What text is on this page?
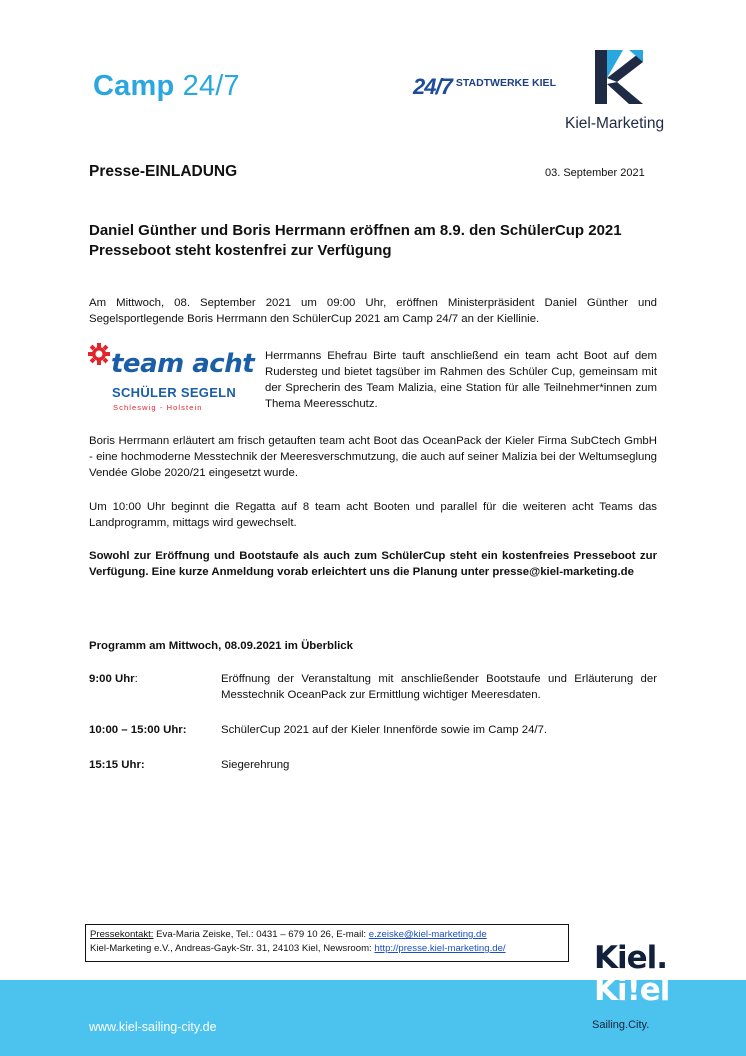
Camp 24/7	24/7 STADTWERKE KIEL
Kiel-Marketing
Presse-EINLADUNG	03. September 2021
Daniel Günther und Boris Herrmann eröffnen am 8.9. den SchülerCup 2021
Presseboot steht kostenfrei zur Verfügung
Am Mittwoch, 08. September 2021 um 09:00 Uhr, eröffnen Ministerpräsident Daniel Günther und Segelsportlegende Boris Herrmann den SchülerCup 2021 am Camp 24/7 an der Kiellinie.
team acht
SCHÜLER SEGELN
Schleswig - Holstein
Herrmanns Ehefrau Birte tauft anschließend ein team acht Boot auf dem Rudersteg und bietet tagsüber im Rahmen des Schüler Cup, gemeinsam mit der Sprecherin des Team Malizia, eine Station für alle Teilnehmer*innen zum Thema Meeresschutz.
Boris Herrmann erläutert am frisch getauften team acht Boot das OceanPack der Kieler Firma SubCtech GmbH - eine hochmoderne Messtechnik der Meeresverschmutzung, die auch auf seiner Malizia bei der Weltumseglung Vendée Globe 2020/21 eingesetzt wurde.
Um 10:00 Uhr beginnt die Regatta auf 8 team acht Booten und parallel für die weiteren acht Teams das Landprogramm, mittags wird gewechselt.
Sowohl zur Eröffnung und Bootstaufe als auch zum SchülerCup steht ein kostenfreies Presseboot zur Verfügung. Eine kurze Anmeldung vorab erleichtert uns die Planung unter presse@kiel-marketing.de
Programm am Mittwoch, 08.09.2021 im Überblick
9:00 Uhr:	Eröffnung der Veranstaltung mit anschließender Bootstaufe und Erläuterung der Messtechnik OceanPack zur Ermittlung wichtiger Meeresdaten.
10:00 – 15:00 Uhr:	SchülerCup 2021 auf der Kieler Innenförde sowie im Camp 24/7.
15:15 Uhr:	Siegerehrung
Pressekontakt: Eva-Maria Zeiske, Tel.: 0431 – 679 10 26, E-mail: e.zeiske@kiel-marketing.de
Kiel-Marketing e.V., Andreas-Gayk-Str. 31, 24103 Kiel, Newsroom: http://presse.kiel-marketing.de/
www.kiel-sailing-city.de
Kiel.
Ki!el
Sailing.City.
